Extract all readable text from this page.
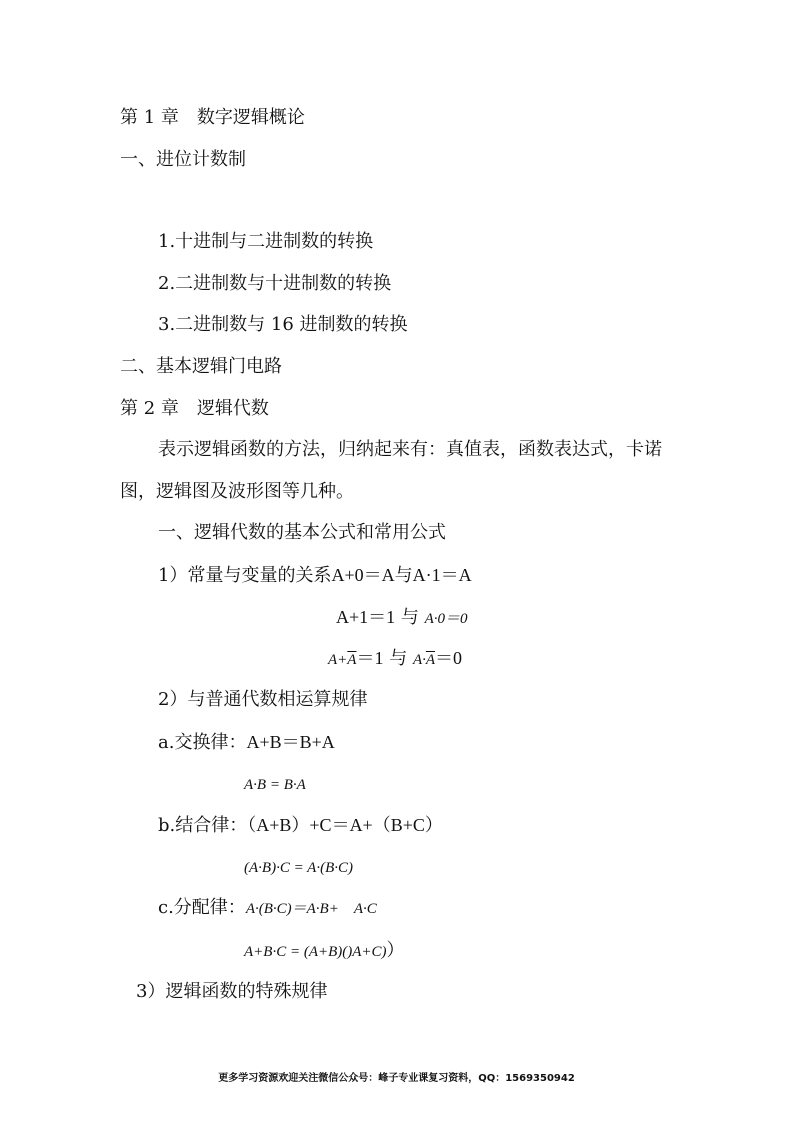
第 1 章　数字逻辑概论
一、进位计数制
1.十进制与二进制数的转换
2.二进制数与十进制数的转换
3.二进制数与 16 进制数的转换
二、基本逻辑门电路
第 2 章　逻辑代数
表示逻辑函数的方法，归纳起来有：真值表，函数表达式，卡诺
图，逻辑图及波形图等几种。
一、逻辑代数的基本公式和常用公式
1）常量与变量的关系A+0＝A与A·1＝A
A+1＝1 与 A·0＝0
$A+\overline{A}=1$ 与 $A\cdot\overline{A}=0$
2）与普通代数相运算规律
a.交换律：A+B＝B+A
A·B = B·A
b.结合律：（A+B）+C＝A+（B+C）
(A·B)·C = A·(B·C)
c.分配律：A·(B·C)＝A·B+　A·C
A+B·C = (A+B)()A+C)）
3）逻辑函数的特殊规律
更多学习资源欢迎关注微信公众号：峰子专业课复习资料，QQ：1569350942
